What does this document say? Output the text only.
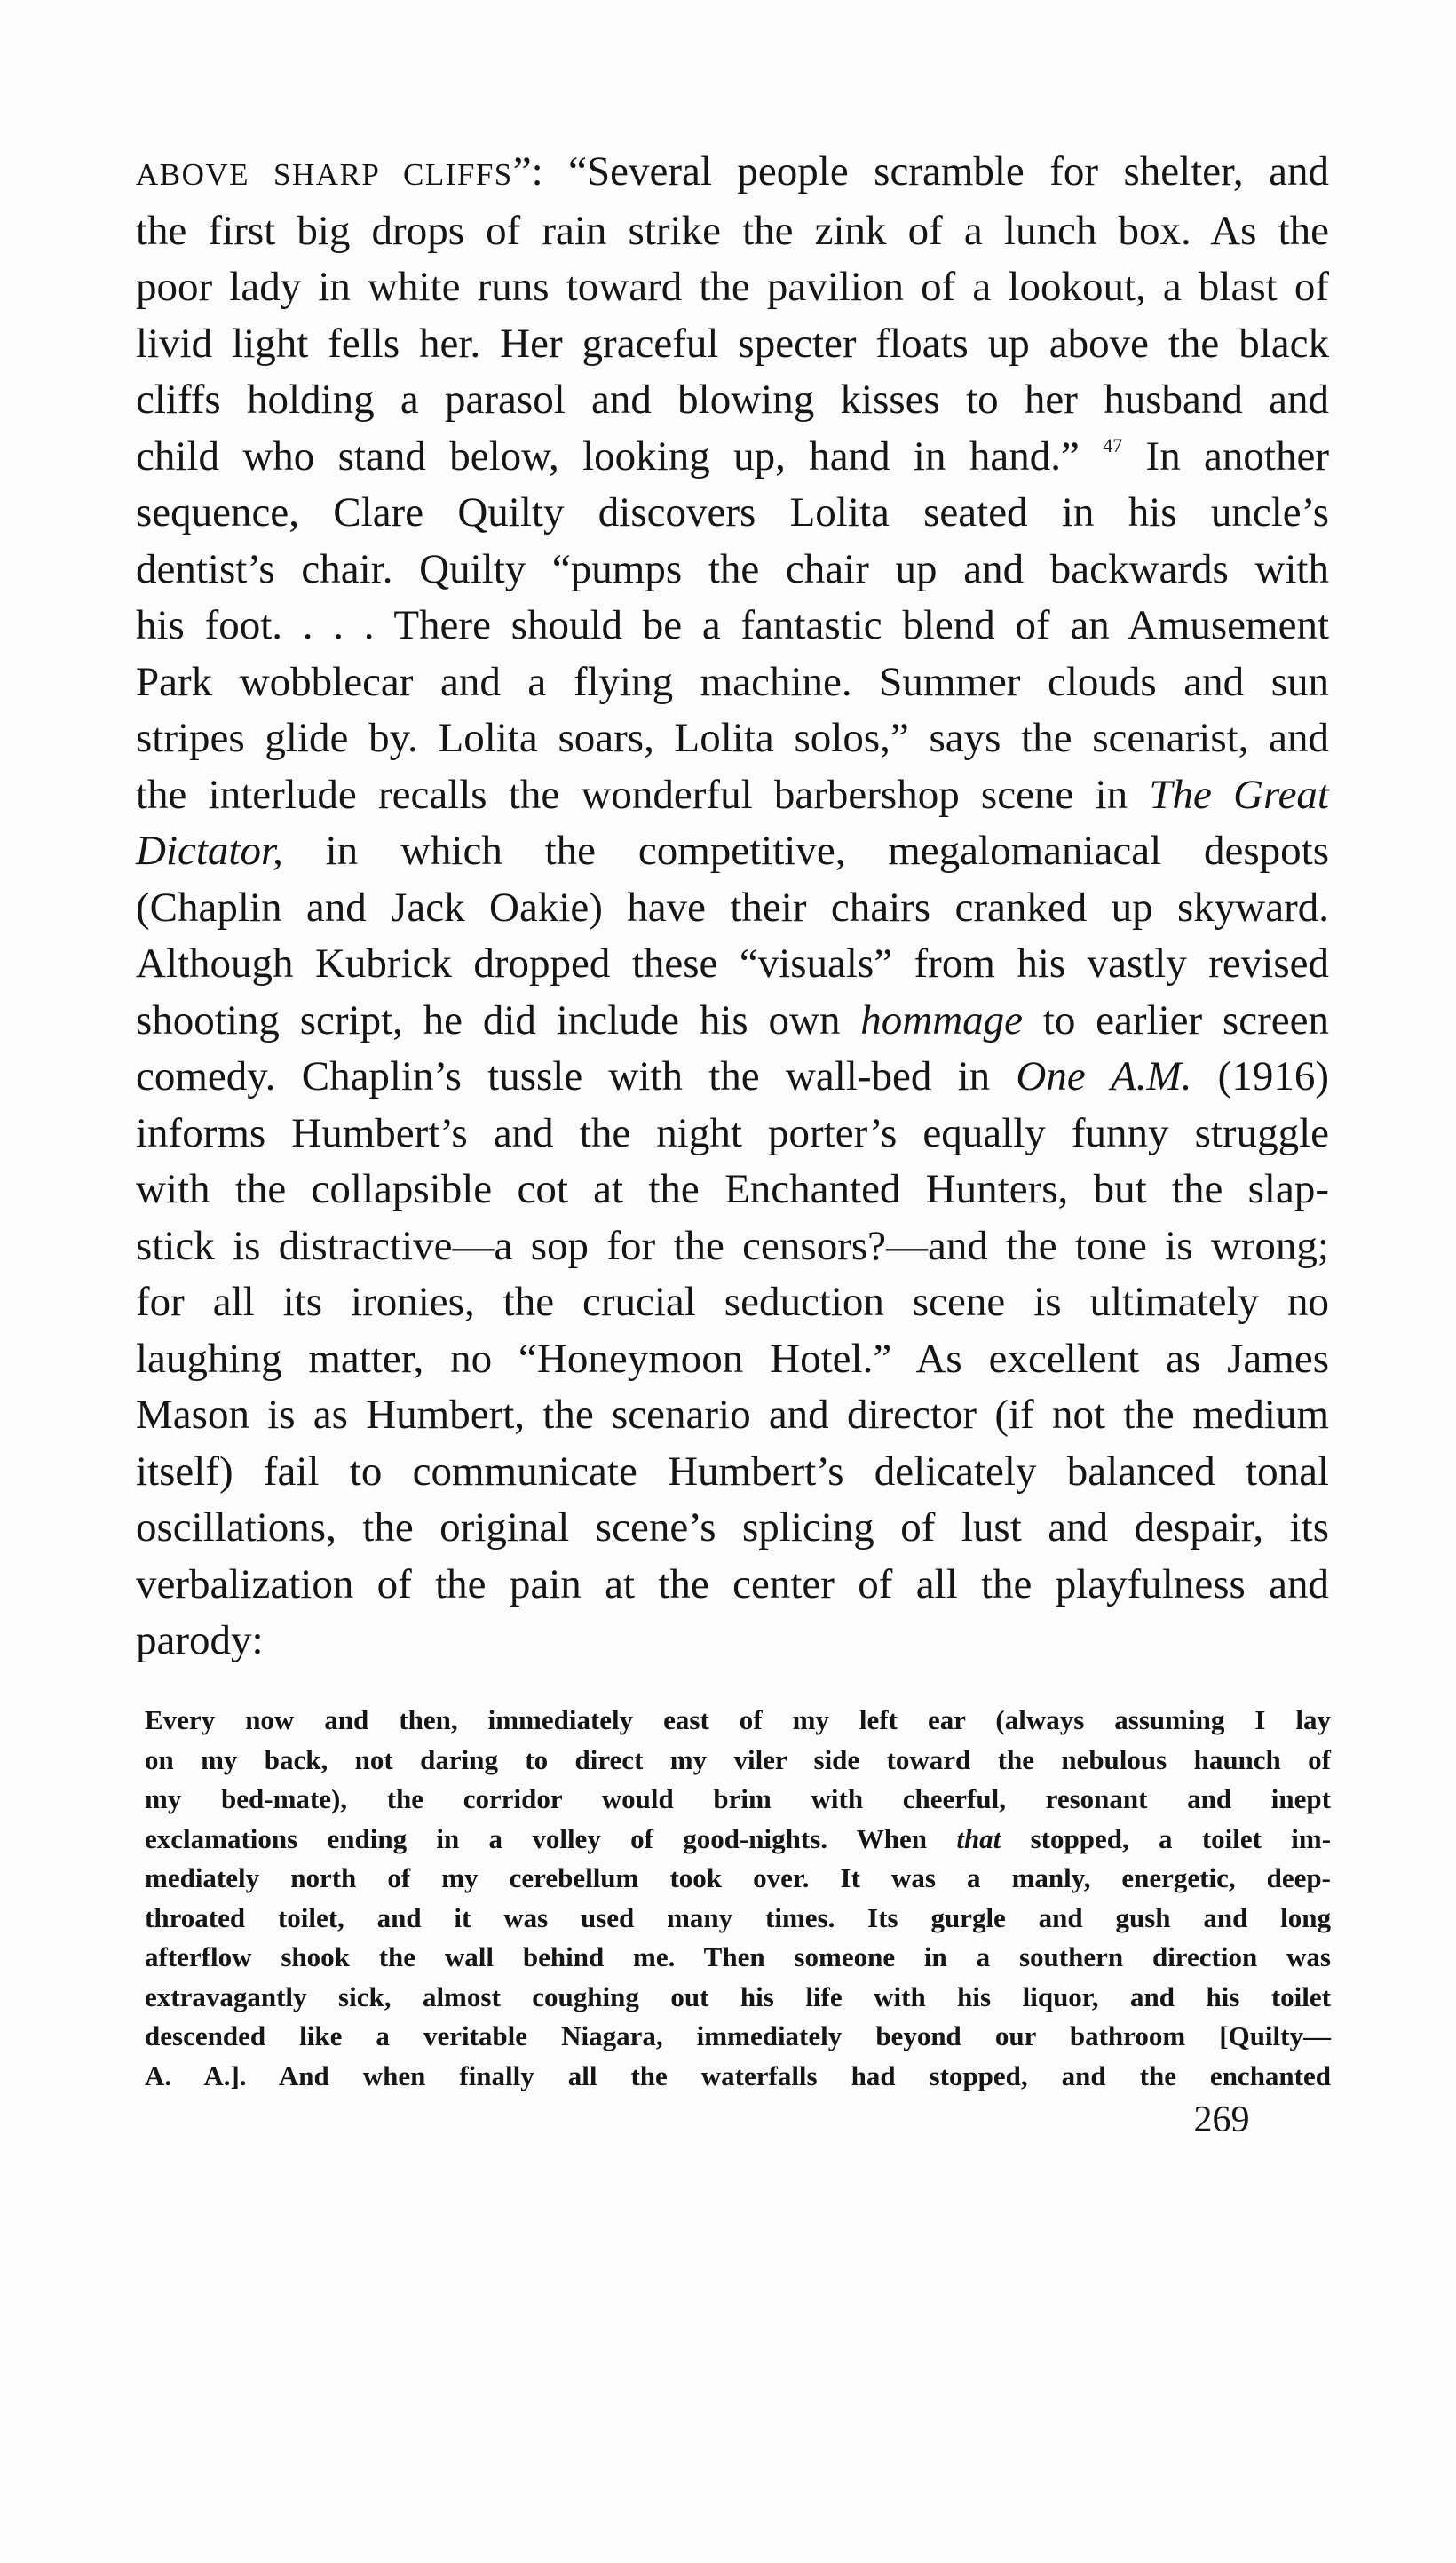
ABOVE SHARP CLIFFS”: “Several people scramble for shelter, and
the first big drops of rain strike the zink of a lunch box. As the
poor lady in white runs toward the pavilion of a lookout, a blast of
livid light fells her. Her graceful specter floats up above the black
cliffs holding a parasol and blowing kisses to her husband and
child who stand below, looking up, hand in hand.” $^{47}$ In another
sequence, Clare Quilty discovers Lolita seated in his uncle’s
dentist’s chair. Quilty “pumps the chair up and backwards with
his foot. . . . There should be a fantastic blend of an Amusement
Park wobblecar and a flying machine. Summer clouds and sun
stripes glide by. Lolita soars, Lolita solos,” says the scenarist, and
the interlude recalls the wonderful barbershop scene in The Great
Dictator, in which the competitive, megalomaniacal despots
(Chaplin and Jack Oakie) have their chairs cranked up skyward.
Although Kubrick dropped these “visuals” from his vastly revised
shooting script, he did include his own hommage to earlier screen
comedy. Chaplin’s tussle with the wall-bed in One A.M. (1916)
informs Humbert’s and the night porter’s equally funny struggle
with the collapsible cot at the Enchanted Hunters, but the slap-
stick is distractive—a sop for the censors?—and the tone is wrong;
for all its ironies, the crucial seduction scene is ultimately no
laughing matter, no “Honeymoon Hotel.” As excellent as James
Mason is as Humbert, the scenario and director (if not the medium
itself) fail to communicate Humbert’s delicately balanced tonal
oscillations, the original scene’s splicing of lust and despair, its
verbalization of the pain at the center of all the playfulness and
parody:

Every now and then, immediately east of my left ear (always assuming I lay
on my back, not daring to direct my viler side toward the nebulous haunch of
my bed-mate), the corridor would brim with cheerful, resonant and inept
exclamations ending in a volley of good-nights. When that stopped, a toilet im-
mediately north of my cerebellum took over. It was a manly, energetic, deep-
throated toilet, and it was used many times. Its gurgle and gush and long
afterflow shook the wall behind me. Then someone in a southern direction was
extravagantly sick, almost coughing out his life with his liquor, and his toilet
descended like a veritable Niagara, immediately beyond our bathroom [Quilty—
A. A.]. And when finally all the waterfalls had stopped, and the enchanted

269
